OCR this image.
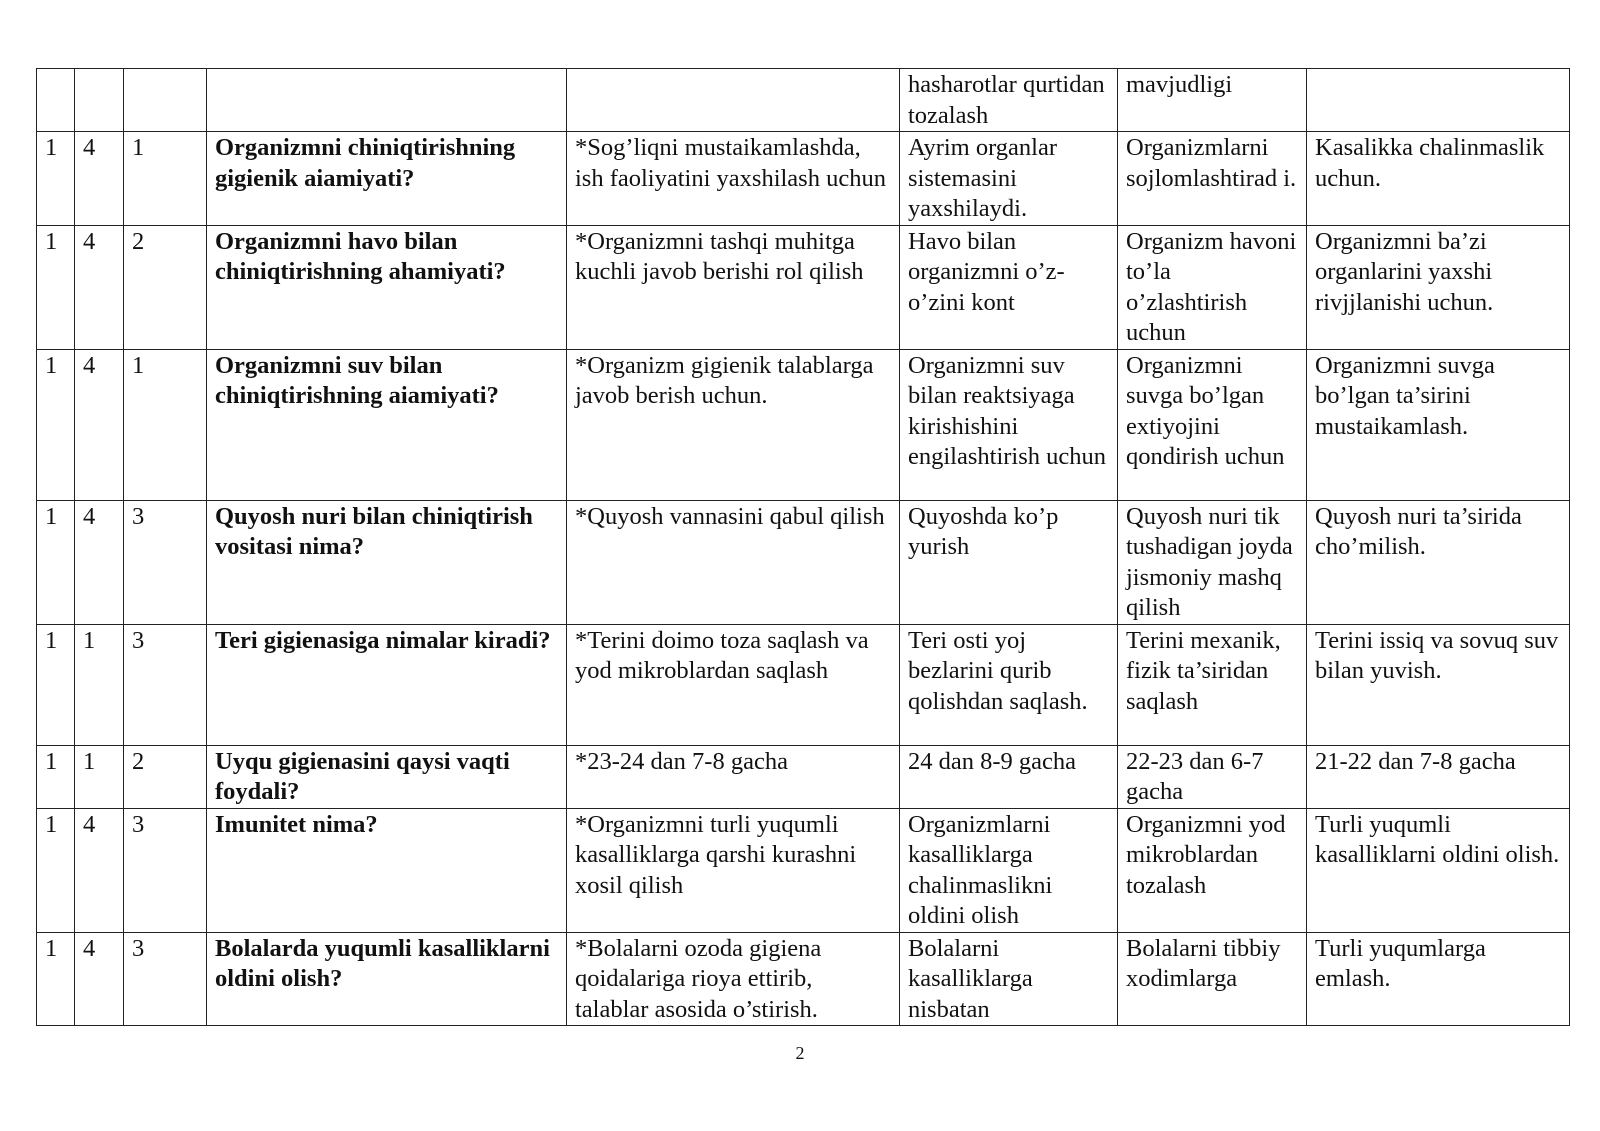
					hasharotlar qurtidan tozalash	mavjudligi	
1	4	1	Organizmni chiniqtirishning gigienik aiamiyati?	*Sog’liqni mustaikamlashda, ish faoliyatini yaxshilash uchun	Ayrim organlar sistemasini yaxshilaydi.	Organizmlarni sojlomlashtirad i.	Kasalikka chalinmaslik uchun.
1	4	2	Organizmni havo bilan chiniqtirishning ahamiyati?	*Organizmni tashqi muhitga kuchli javob berishi rol qilish	Havo bilan organizmni o’z-o’zini kont	Organizm havoni to’la o’zlashtirish uchun	Organizmni ba’zi organlarini yaxshi rivjjlanishi uchun.
1	4	1	Organizmni suv bilan chiniqtirishning aiamiyati?	*Organizm gigienik talablarga javob berish uchun.	Organizmni suv bilan reaktsiyaga kirishishini engilashtirish uchun	Organizmni suvga bo’lgan extiyojini qondirish uchun	Organizmni suvga bo’lgan ta’sirini mustaikamlash.
1	4	3	Quyosh nuri bilan chiniqtirish vositasi nima?	*Quyosh vannasini qabul qilish	Quyoshda ko’p yurish	Quyosh nuri tik tushadigan joyda jismoniy mashq qilish	Quyosh nuri ta’sirida cho’milish.
1	1	3	Teri gigienasiga nimalar kiradi?	*Terini doimo toza saqlash va yod mikroblardan saqlash	Teri osti yoj bezlarini qurib qolishdan saqlash.	Terini mexanik, fizik ta’siridan saqlash	Terini issiq va sovuq suv bilan yuvish.
1	1	2	Uyqu gigienasini qaysi vaqti foydali?	*23-24 dan 7-8 gacha	24 dan 8-9 gacha	22-23 dan 6-7 gacha	21-22 dan 7-8 gacha
1	4	3	Imunitet nima?	*Organizmni turli yuqumli kasalliklarga qarshi kurashni xosil qilish	Organizmlarni kasalliklarga chalinmaslikni oldini olish	Organizmni yod mikroblardan tozalash	Turli yuqumli kasalliklarni oldini olish.
1	4	3	Bolalarda yuqumli kasalliklarni oldini olish?	*Bolalarni ozoda gigiena qoidalariga rioya ettirib, talablar asosida o’stirish.	Bolalarni kasalliklarga nisbatan	Bolalarni tibbiy xodimlarga	Turli yuqumlarga emlash.
2
